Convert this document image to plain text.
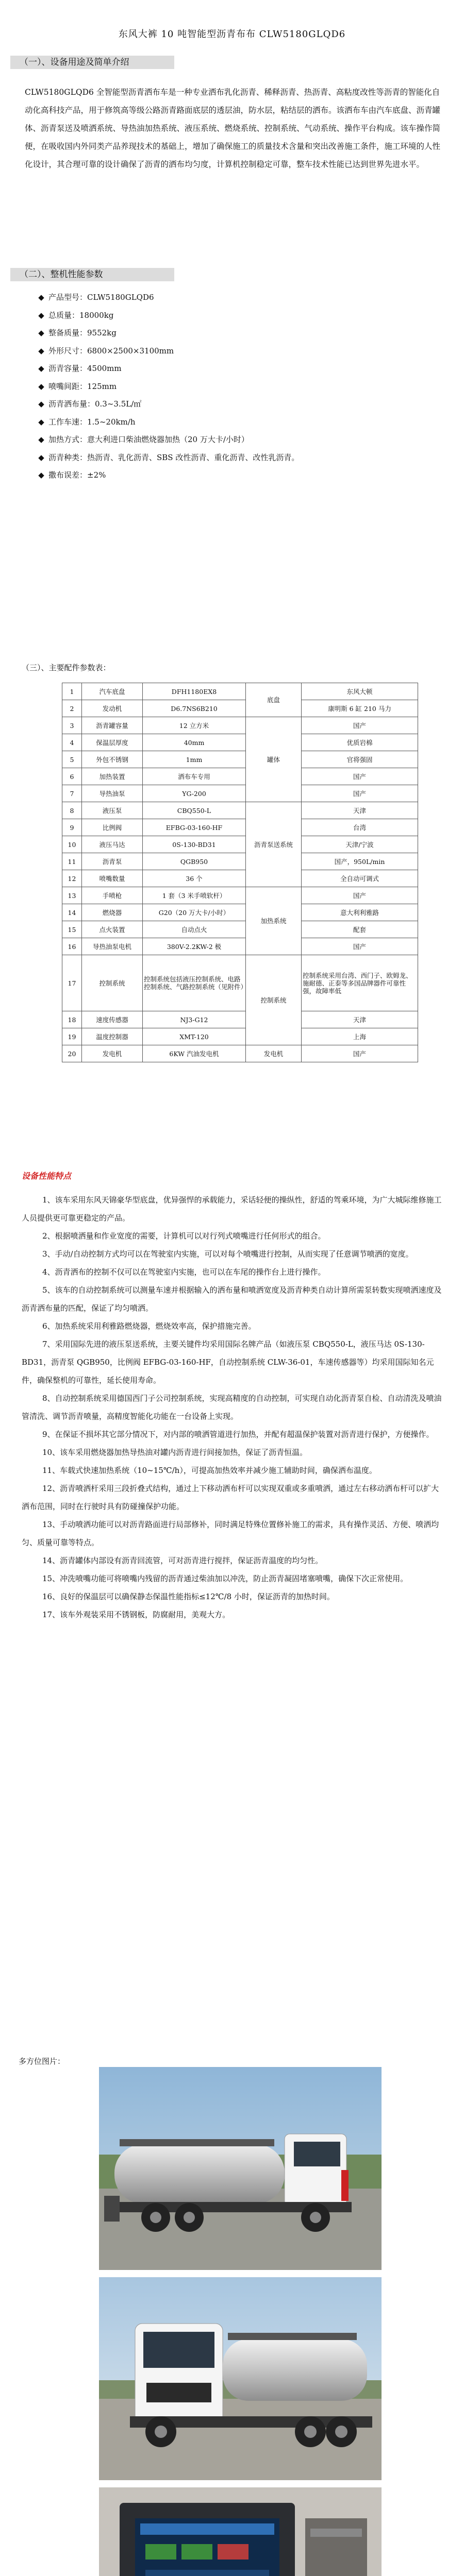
东风大裤 10 吨智能型沥青布布 CLW5180GLQD6
（一）、设备用途及简单介绍
CLW5180GLQD6 全智能型沥青洒布车是一种专业洒布乳化沥青、稀释沥青、热沥青、高粘度改性等沥青的智能化自动化高科技产品，用于修筑高等级公路沥青路面底层的透层油，防水层，粘结层的洒布。该洒布车由汽车底盘、沥青罐体、沥青泵送及喷洒系统、导热油加热系统、液压系统、燃烧系统、控制系统、气动系统、操作平台构成。该车操作简便，在吸收国内外同类产品养现技术的基础上，增加了确保施工的质量技术含量和突出改善施工条件，施工环境的人性化设计，其合理可靠的设计确保了沥青的洒布均匀度，计算机控制稳定可靠，整车技术性能已达到世界先进水平。
（二）、整机性能参数
◆ 产品型号：CLW5180GLQD6
◆ 总质量：18000kg
◆ 整备质量：9552kg
◆ 外形尺寸：6800×2500×3100mm
◆ 沥青容量：4500mm
◆ 喷嘴间距：125mm
◆ 沥青洒布量：0.3~3.5L/㎡
◆ 工作车速：1.5~20km/h
◆ 加热方式：意大利进口柴油燃烧器加热（20 万大卡/小时）
◆ 沥青种类：热沥青、乳化沥青、SBS 改性沥青、重化沥青、改性乳沥青。
◆ 撒布误差：±2%
（三）、主要配件参数表：
1	汽车底盘	DFH1180EX8	底盘	东风大顿
2	发动机	D6.7NS6B210		康明斯 6 缸 210 马力
3	沥青罐容量	12 立方米	罐体	国产
4	保温层厚度	40mm		优质岩棉
5	外包不锈钢	1mm		官将强固
6	加热装置	洒布车专用		国产
7	导热油泵	YG-200		国产
8	液压泵	CBQ550-L	沥青泵送系统	天津
9	比例阀	EFBG-03-160-HF		台湾
10	液压马达	0S-130-BD31		天津/宁波
11	沥青泵	QGB950		国产，950L/min
12	喷嘴数量	36 个		全自动可调式
13	手喷枪	1 套（3 米手喷软杆）	加热系统	国产
14	燃烧器	G20（20 万大卡/小时）		意大利利雅路
15	点火装置	自动点火		配套
16	导热油泵电机	380V-2.2KW-2 极		国产
17	控制系统	控制系统包括液压控制系统、电路控制系统、气路控制系统（见附件）	控制系统	控制系统采用台湾、西门子、欧姆龙、施耐德、正泰等多国品牌器件可靠性强，故障率低
18	速度传感器	NJ3-G12		天津
19	温度控制器	XMT-120		上海
20	发电机	6KW 汽油发电机	发电机	国产
设备性能特点

1、该车采用东风天锦豪华型底盘，优异强悍的承载能力，采话轻便的操纵性，舒适的驾乘环境，为广大城际维修施工人员提供更可靠更稳定的产品。

2、根据喷洒量和作业宽度的需要，计算机可以对行列式喷嘴进行任何形式的组合。

3、手动/自动控制方式均可以在驾驶室内实施，可以对每个喷嘴进行控制，从而实现了任意调节喷洒的宽度。

4、沥青洒布的控制不仅可以在驾驶室内实施，也可以在车尾的操作台上进行操作。

5、该车的自动控制系统可以测量车速并根据输入的洒布量和喷洒宽度及沥青种类自动计算所需泵转数实现喷洒速度及沥青洒布量的匹配，保证了均匀喷洒。

6、加热系统采用利雅路燃烧器，燃烧效率高，保护措施完善。

7、采用国际先进的液压泵送系统，主要关键件均采用国际名牌产品（如液压泵 CBQ550-L，液压马达 0S-130-BD31，沥青泵 QGB950，比例阀 EFBG-03-160-HF，自动控制系统 CLW-36-01，车速传感器等）均采用国际知名元件，确保整机的可靠性，延长使用寿命。

8、自动控制系统采用德国西门子公司控制系统，实现高精度的自动控制，可实现自动化沥青泵自检、自动清洗及喷油管清洗、调节沥青喷量，高精度智能化功能在一台设备上实现。

9、在保证不损坏其它部分情况下，对内部的喷洒管道进行加热，并配有超温保护装置对沥青进行保护，方便操作。

10、该车采用燃烧器加热导热油对罐内沥青进行间接加热，保证了沥青恒温。

11、车载式快速加热系统（10~15℃/h），可提高加热效率并减少施工辅助时间，确保洒布温度。

12、沥青喷洒杆采用三段折叠式结构，通过上下移动洒布杆可以实现双重或多重喷洒，通过左右移动洒布杆可以扩大洒布范围，同时在行驶时具有防碰撞保护功能。

13、手动喷洒功能可以对沥青路面进行局部修补，同时满足特殊位置修补施工的需求，具有操作灵活、方便、喷洒均匀、质量可靠等特点。

14、沥青罐体内部设有沥青回流管，可对沥青进行搅拌，保证沥青温度的均匀性。

15、冲洗喷嘴功能可将喷嘴内残留的沥青通过柴油加以冲洗，防止沥青凝固堵塞喷嘴，确保下次正常使用。

16、良好的保温层可以确保静态保温性能指标≤12℃/8 小时，保证沥青的加热时间。

17、该车外观装采用不锈钢板，防腐耐用，美观大方。

多方位图片：
